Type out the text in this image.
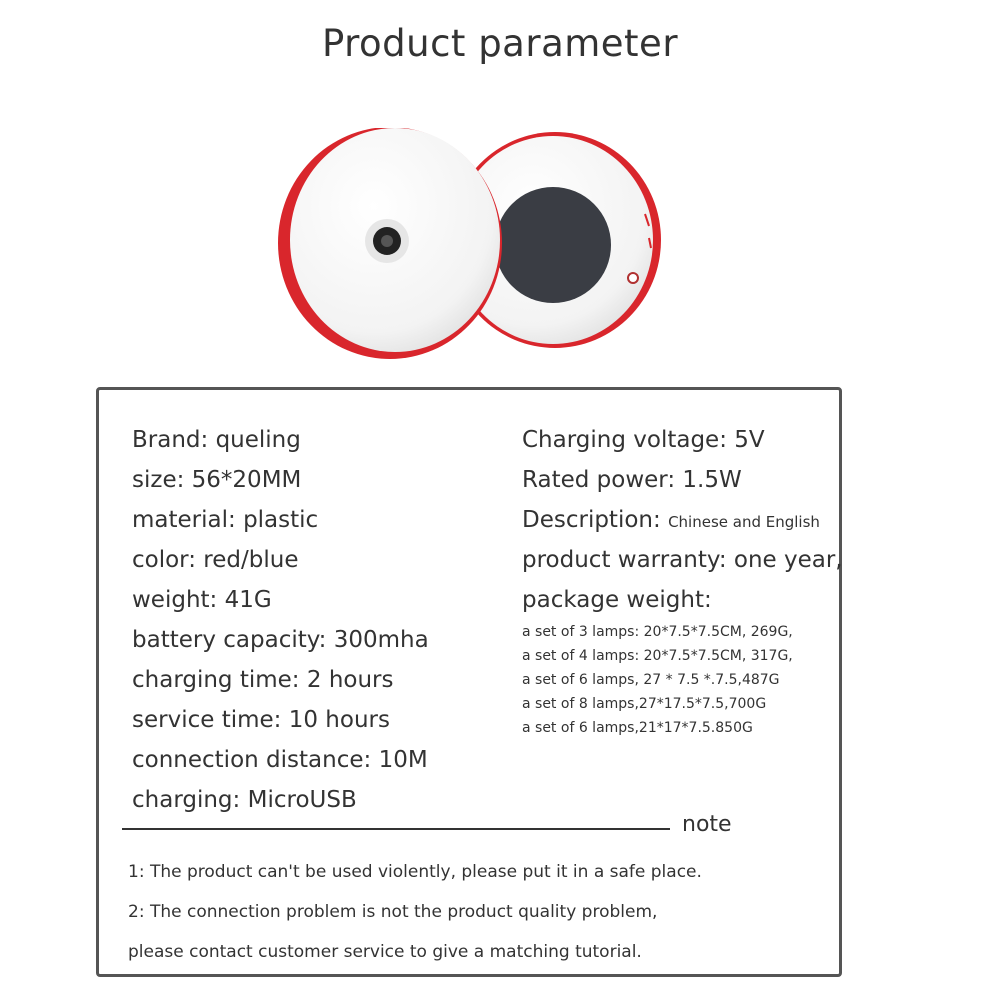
Product parameter
Brand: queling
size: 56*20MM
material: plastic
color: red/blue
weight: 41G
battery capacity: 300mha
charging time: 2 hours
service time: 10 hours
connection distance: 10M
charging: MicroUSB
Charging voltage: 5V
Rated power: 1.5W
Description: Chinese and English
product warranty: one year,
package weight:
a set of 3 lamps: 20*7.5*7.5CM, 269G,
a set of 4 lamps: 20*7.5*7.5CM, 317G,
a set of 6 lamps, 27 * 7.5 *.7.5,487G
a set of 8 lamps,27*17.5*7.5,700G
a set of 6 lamps,21*17*7.5.850G
note
1: The product can't be used violently, please put it in a safe place.
2: The connection problem is not the product quality problem,
please contact customer service to give a matching tutorial.
